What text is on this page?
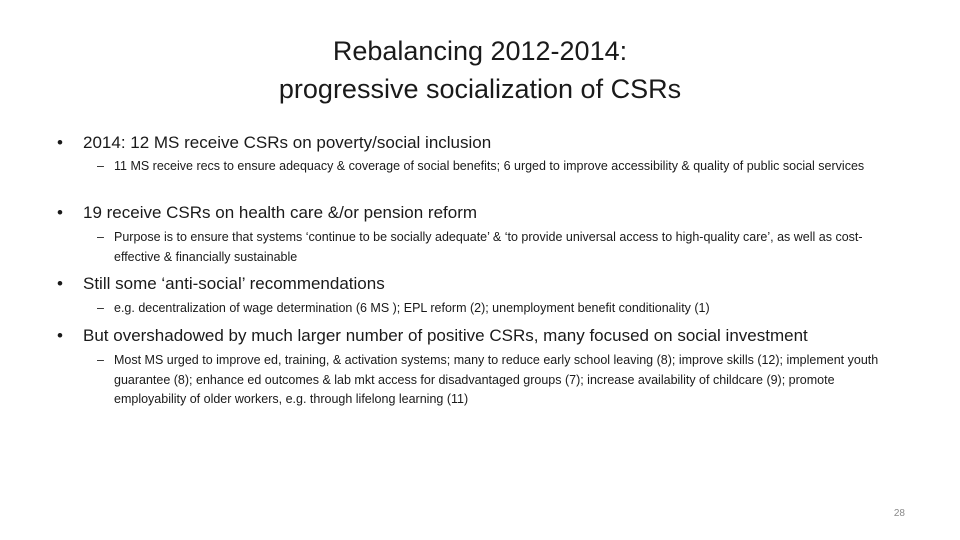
Rebalancing 2012-2014:
progressive socialization of CSRs
•	2014: 12 MS receive CSRs on poverty/social inclusion
– 11 MS receive recs to ensure adequacy & coverage of social benefits; 6 urged to improve accessibility & quality of public social services
•	19 receive CSRs on health care &/or pension reform
– Purpose is to ensure that systems ‘continue to be socially adequate’ & ‘to provide universal access to high-quality care’, as well as cost-effective & financially sustainable
•	Still some ‘anti-social’ recommendations
– e.g. decentralization of wage determination (6 MS ); EPL reform (2); unemployment benefit conditionality (1)
•	But overshadowed by much larger number of positive CSRs, many focused on social investment
– Most MS urged to improve ed, training, & activation systems; many to reduce early school leaving (8); improve skills (12); implement youth guarantee (8); enhance ed outcomes & lab mkt access for disadvantaged groups (7); increase availability of childcare (9); promote employability of older workers, e.g. through lifelong learning (11)
28
